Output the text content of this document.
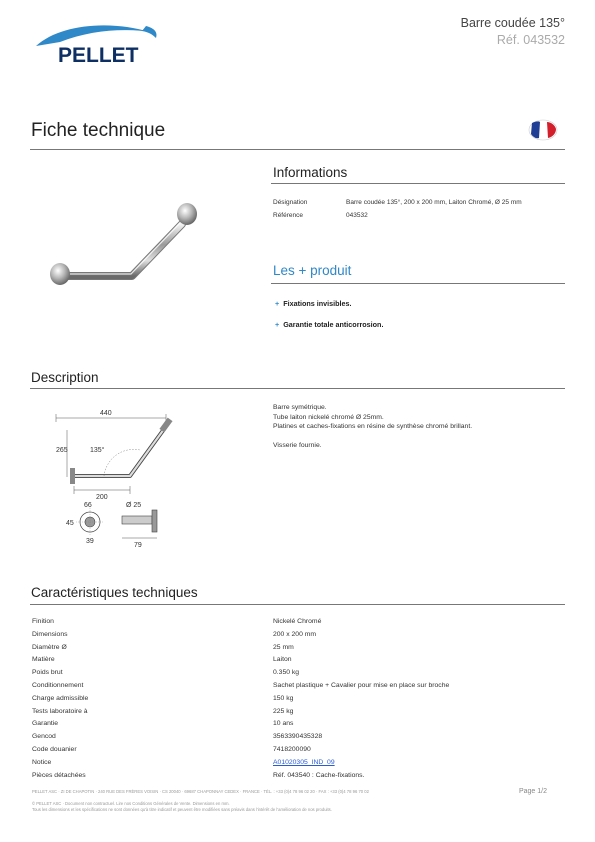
PELLET
Barre coudée 135°
Réf. 043532
Fiche technique
Informations
Désignation	Barre coudée 135°, 200 x 200 mm, Laiton Chromé, Ø 25 mm
Référence	043532
Les + produit
+ Fixations invisibles.
+ Garantie totale anticorrosion.
Description
440
265	135°
200
66
45
39
Ø 25
79

Barre symétrique.

Tube laiton nickelé chromé Ø 25mm.

Platines et caches-fixations en résine de synthèse chromé brillant.

Visserie fournie.

Caractéristiques techniques
Finition	Nickelé Chromé
Dimensions	200 x 200 mm
Diamètre Ø	25 mm
Matière	Laiton
Poids brut	0.350 kg
Conditionnement	Sachet plastique + Cavalier pour mise en place sur broche
Charge admissible	150 kg
Tests laboratoire à	225 kg
Garantie	10 ans
Gencod	3563390435328
Code douanier	7418200090
Notice	A01020305_IND_09
Pièces détachées	Réf. 043540 : Cache-fixations.
PELLET ASC · ZI DE CHAPOTIN · 240 RUE DES FRÈRES VOISIN · CS 20040 · 69687 CHAPONNAY CEDEX · FRANCE · TÉL. : +33 (0)4 78 96 02 20 · FAX : +33 (0)4 78 96 70 02	Page 1/2
© PELLET ASC · Document non contractuel. Lire nos Conditions Générales de Vente. Dimensions en mm.
Tous les dimensions et les spécifications ne sont données qu'à titre indicatif et peuvent être modifiées sans préavis dans l'intérêt de l'amélioration de nos produits.
